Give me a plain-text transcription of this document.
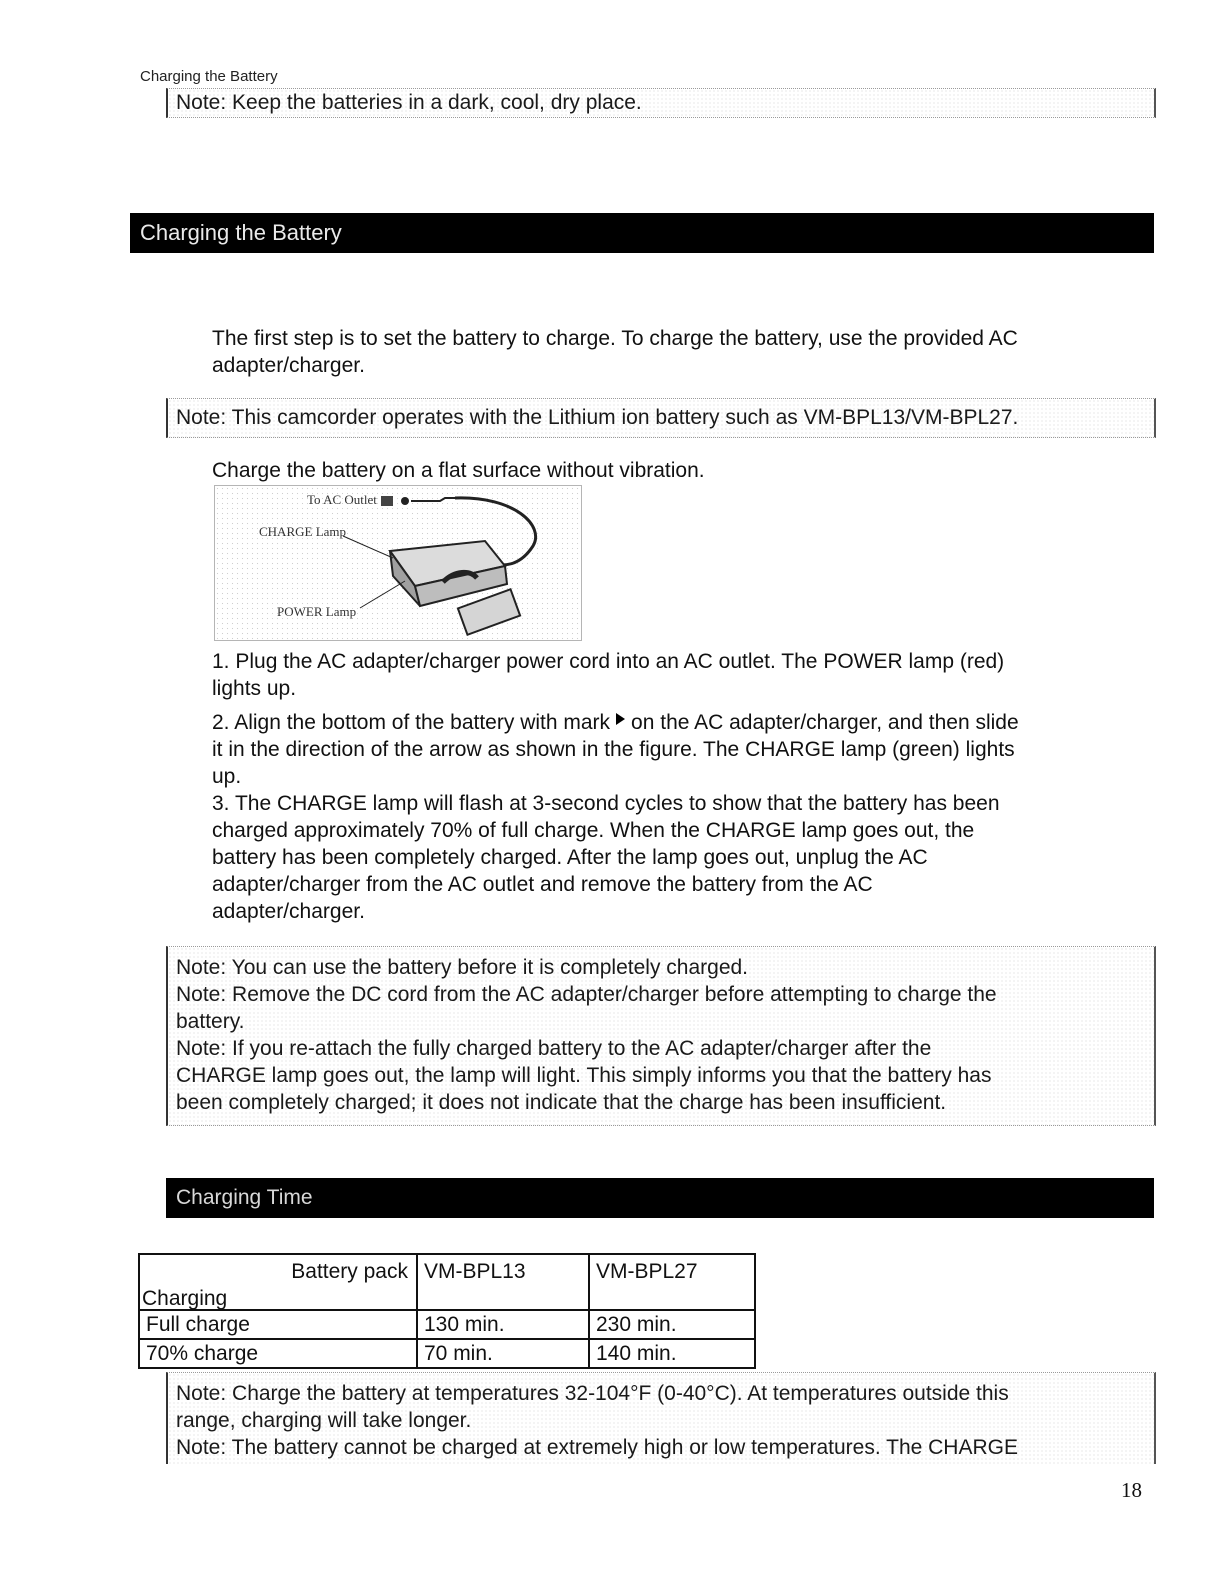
Charging the Battery
Note: Keep the batteries in a dark, cool, dry place.
Charging the Battery
The first step is to set the battery to charge. To charge the battery, use the provided AC
adapter/charger.
Note: This camcorder operates with the Lithium ion battery such as VM-BPL13/VM-BPL27.
Charge the battery on a flat surface without vibration.
To AC Outlet
CHARGE Lamp
POWER Lamp
1. Plug the AC adapter/charger power cord into an AC outlet. The POWER lamp (red)
lights up.
2. Align the bottom of the battery with mark on the AC adapter/charger, and then slide
it in the direction of the arrow as shown in the figure. The CHARGE lamp (green) lights
up.
3. The CHARGE lamp will flash at 3-second cycles to show that the battery has been
charged approximately 70% of full charge. When the CHARGE lamp goes out, the
battery has been completely charged. After the lamp goes out, unplug the AC
adapter/charger from the AC outlet and remove the battery from the AC
adapter/charger.
Note: You can use the battery before it is completely charged.
Note: Remove the DC cord from the AC adapter/charger before attempting to charge the
battery.
Note: If you re-attach the fully charged battery to the AC adapter/charger after the
CHARGE lamp goes out, the lamp will light. This simply informs you that the battery has
been completely charged; it does not indicate that the charge has been insufficient.
Charging Time
Battery pack
Charging	VM-BPL13	VM-BPL27
Full charge	130 min.	230 min.
70% charge	70 min.	140 min.
Note: Charge the battery at temperatures 32-104°F (0-40°C). At temperatures outside this
range, charging will take longer.
Note: The battery cannot be charged at extremely high or low temperatures. The CHARGE
18
